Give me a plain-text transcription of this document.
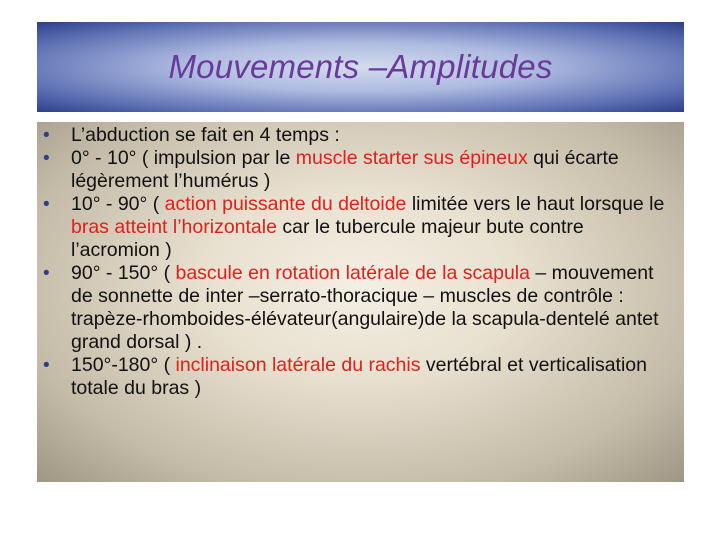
Mouvements –Amplitudes
• L’abduction se fait en 4 temps :
• 0° - 10° ( impulsion par le muscle starter sus épineux qui écarte légèrement l’humérus )
• 10° - 90° ( action puissante du deltoide limitée vers le haut lorsque le bras atteint l’horizontale car le tubercule majeur bute contre l’acromion )
• 90° - 150° ( bascule en rotation latérale de la scapula – mouvement de sonnette de inter –serrato-thoracique – muscles de contrôle : trapèze-rhomboides-élévateur(angulaire)de la scapula-dentelé antet grand dorsal ) .
• 150°-180° ( inclinaison latérale du rachis vertébral et verticalisation totale du bras )
